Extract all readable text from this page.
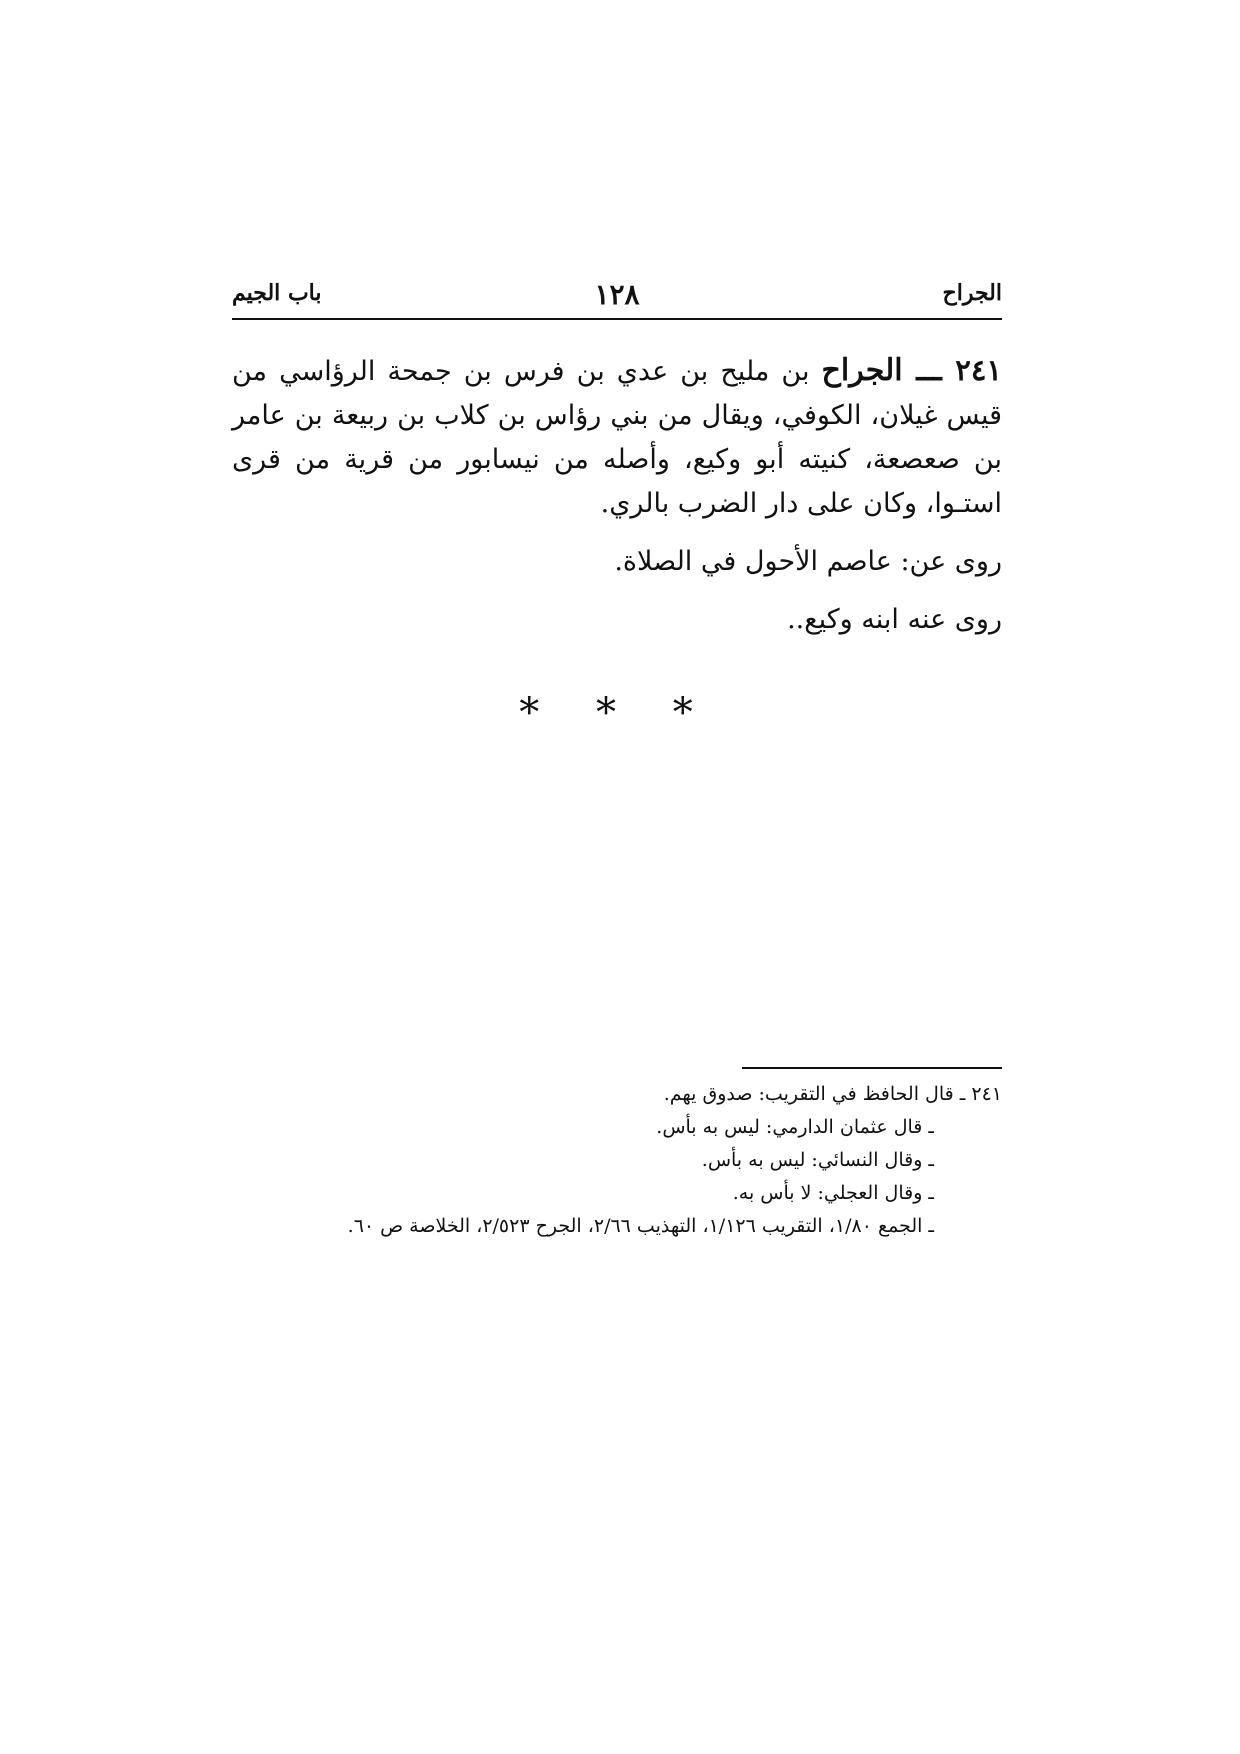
الجراح
١٢٨
باب الجيم

٢٤١ ـــ الجراح بن مليح بن عدي بن فرس بن جمحة الرؤاسي من قيس غيلان، الكوفي، ويقال من بني رؤاس بن كلاب بن ربيعة بن عامر بن صعصعة، كنيته أبو وكيع، وأصله من نيسابور من قرية من قرى استـوا، وكان على دار الضرب بالري.

روى عن: عاصم الأحول في الصلاة.

روى عنه ابنه وكيع..

* * *

٢٤١ ـ قال الحافظ في التقريب: صدوق يهم.

ـ قال عثمان الدارمي: ليس به بأس.

ـ وقال النسائي: ليس به بأس.

ـ وقال العجلي: لا بأس به.

ـ الجمع ١/٨٠، التقريب ١/١٢٦، التهذيب ٢/٦٦، الجرح ٢/٥٢٣، الخلاصة ص ٦٠.
